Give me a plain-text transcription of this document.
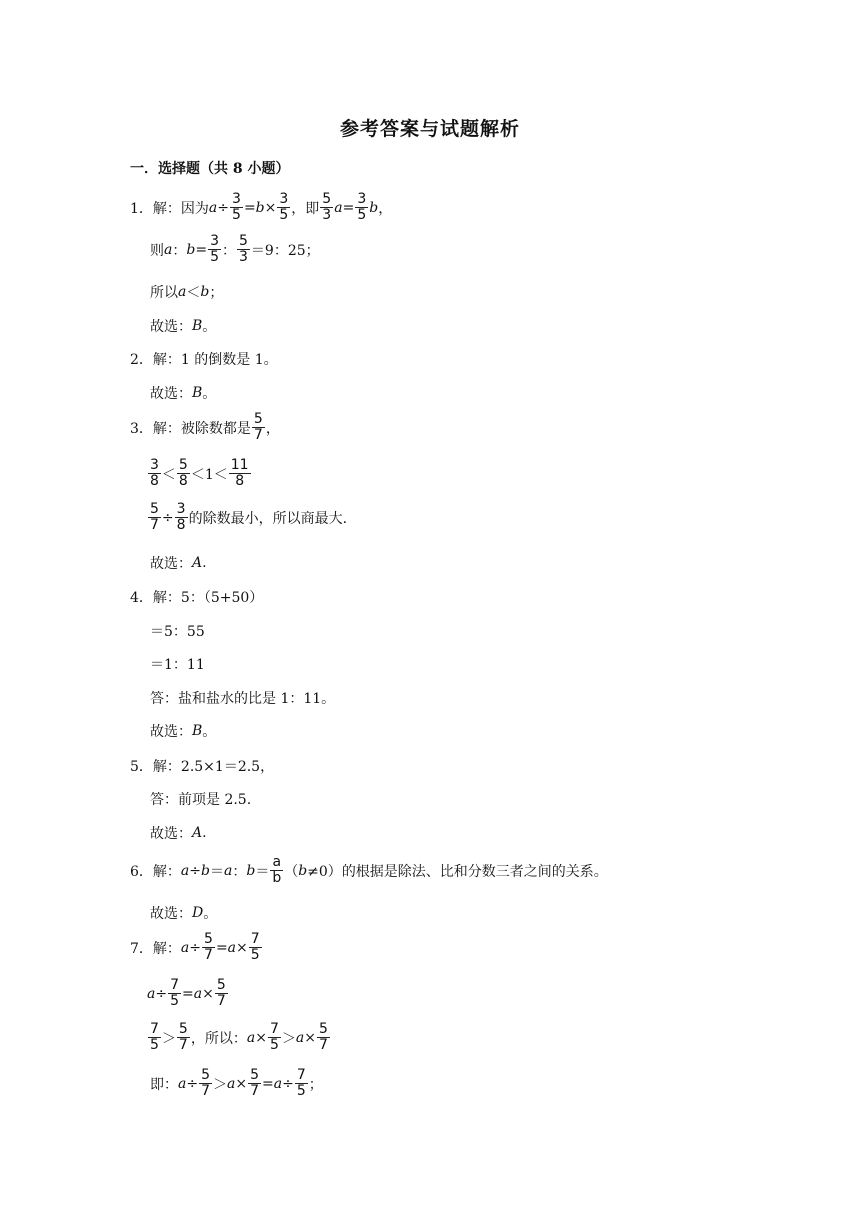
参考答案与试题解析
一．选择题（共 8 小题）
1． 解：因为 $a \div \frac{3}{5} = b \times \frac{3}{5}$ ，即 $\frac{5}{3}$ $a = \frac{3}{5}$ b ，
则 a ： $b = \frac{3}{5}$ ： $\frac{5}{3} =9$：25；
所以 a ＜ b ；
故选： B 。
2． 解：1 的倒数是 1。
故选： B 。
3． 解：被除数都是 $\frac{5}{7}$ ，
$\frac{3}{8} < \frac{5}{8} <1< \frac{11}{8}$
$\frac{5}{7} \div \frac{3}{8}$ 的除数最小，所以商最大.
故选： A .
4． 解：5：（5+50）
＝5：55
＝1：11
答：盐和盐水的比是 1：11。
故选： B 。
5． 解：2.5×1＝2.5，
答：前项是 2.5.
故选： A .
6． 解： a ÷ b ＝ a ： $b = \frac{a}{b}$ （ b ≠0） 的根据是除法、比和分数三者之间的关系。
故选： D 。
7． 解： $a \div \frac{5}{7} = a \times \frac{7}{5}$
$a \div \frac{7}{5} = a \times \frac{5}{7}$
$\frac{7}{5} > \frac{5}{7}$ ，所以： $a \times \frac{7}{5} > a \times \frac{5}{7}$
即： $a \div \frac{5}{7} > a \times \frac{5}{7} = a \div \frac{7}{5}$ ；
